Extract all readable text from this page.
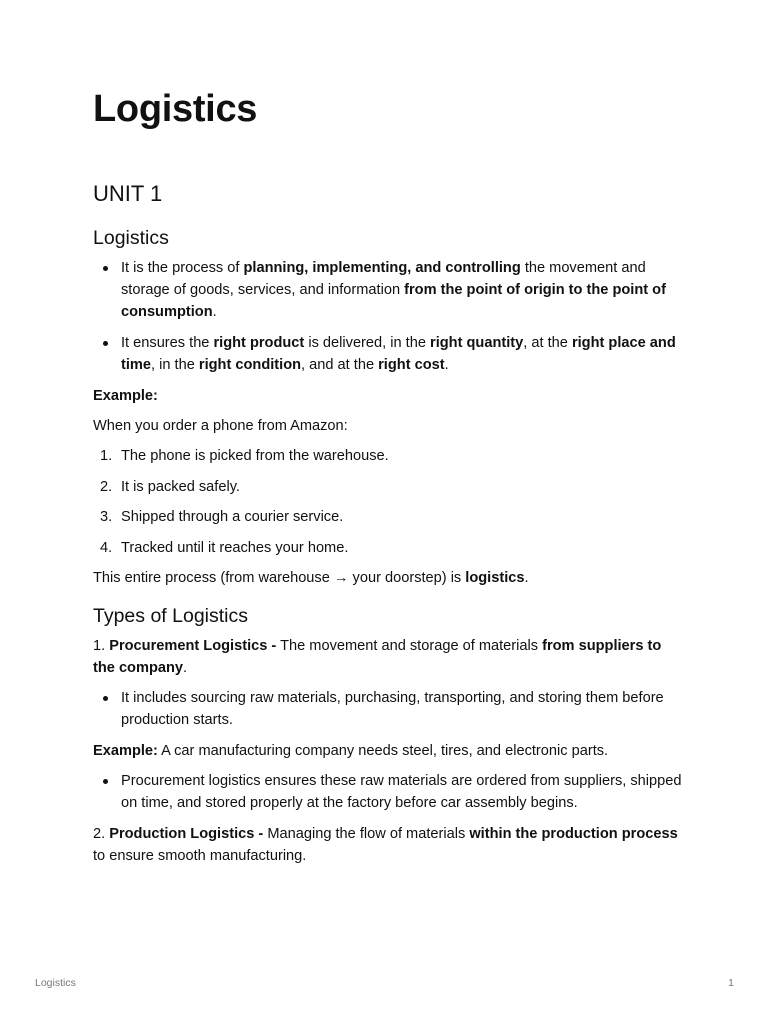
Logistics
UNIT 1
Logistics
It is the process of planning, implementing, and controlling the movement and storage of goods, services, and information from the point of origin to the point of consumption.
It ensures the right product is delivered, in the right quantity, at the right place and time, in the right condition, and at the right cost.

Example:

When you order a phone from Amazon:

1. The phone is picked from the warehouse.
2. It is packed safely.
3. Shipped through a courier service.
4. Tracked until it reaches your home.

This entire process (from warehouse → your doorstep) is logistics.

Types of Logistics

1. Procurement Logistics - The movement and storage of materials from suppliers to the company.

It includes sourcing raw materials, purchasing, transporting, and storing them before production starts.

Example: A car manufacturing company needs steel, tires, and electronic parts.

Procurement logistics ensures these raw materials are ordered from suppliers, shipped on time, and stored properly at the factory before car assembly begins.

2. Production Logistics - Managing the flow of materials within the production process to ensure smooth manufacturing.

Logistics	1
